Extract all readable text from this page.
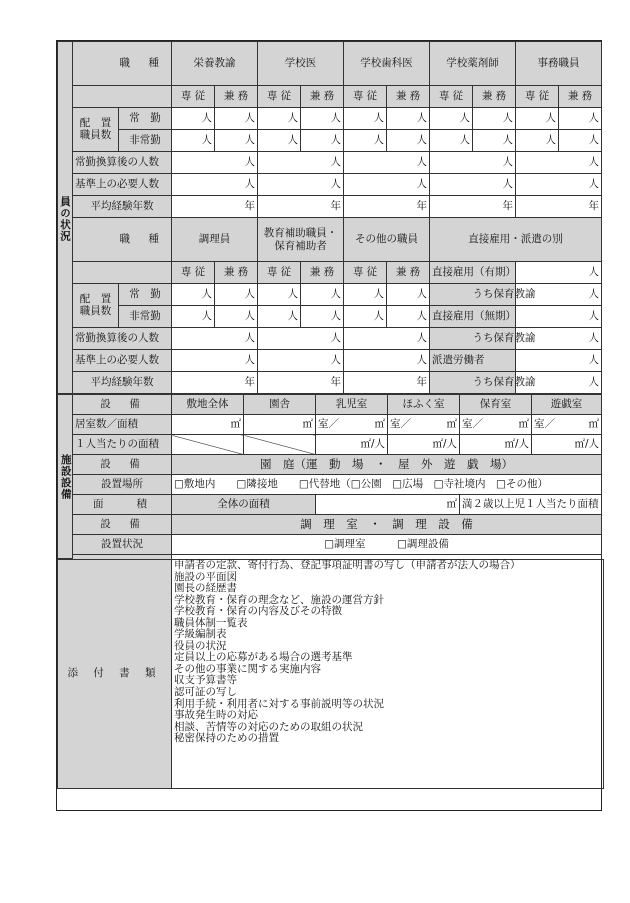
員の状況	職　種		栄養教諭		学校医		学校歯科医		学校薬剤師		事務職員	
			専 従	兼 務	専 従	兼 務	専 従	兼 務	専 従	兼 務	専 従	兼 務
	配　置 職員数	常　勤	人	人	人	人	人	人	人	人	人	人
		非常勤	人	人	人	人	人	人	人	人	人	人
	常勤換算後の人数		人		人		人		人		人	
	基準上の必要人数		人		人		人		人		人	
	平均経験年数		年		年		年		年		年	
	職　種		調理員		教育補助職員・保育補助者		その他の職員		直接雇用・派遣の別			
			専 従	兼 務	専 従	兼 務	専 従	兼 務	直接雇用（有期）		人	
	配　置 職員数	常　勤	人	人	人	人	人	人		うち保育教諭	人	
		非常勤	人	人	人	人	人	人	直接雇用（無期）		人	
	常勤換算後の人数		人		人		人			うち保育教諭	人	
	基準上の必要人数		人		人		人		派遣労働者		人	
	平均経験年数		年		年		年			うち保育教諭	人	
施設設備	設　備	敷地全体	園舎	乳児室	ほふく室	保育室	遊戯室	
	居室数／面積	㎡	㎡	室／ ㎡	室／ ㎡	室／ ㎡	室／ ㎡	

	１人当たりの面積			㎡/人	㎡/人	㎡/人	㎡/人	
	設　備	園　庭（運　動　場　・　屋　外　遊　戯　場）						
	設置場所	□敷地内　　□隣接地　　□代替地（□公園　□広場　□寺社境内　□その他）						
	面　　積	全体の面積		㎡		満２歳以上児１人当たり面積	
	設　備	調　理　室　・　調　理　設　備						
	設置状況	□調理室　　　□調理設備						

添 付 書 類	
申請者の定款、寄付行為、登記事項証明書の写し（申請者が法人の場合）
施設の平面図
園長の経歴書
学校教育・保育の理念など、施設の運営方針
学校教育・保育の内容及びその特徴
職員体制一覧表
学級編制表
役員の状況
定員以上の応募がある場合の選考基準
その他の事業に関する実施内容
収支予算書等
認可証の写し
利用手続・利用者に対する事前説明等の状況
事故発生時の対応
相談、苦情等の対応のための取組の状況
秘密保持のための措置
